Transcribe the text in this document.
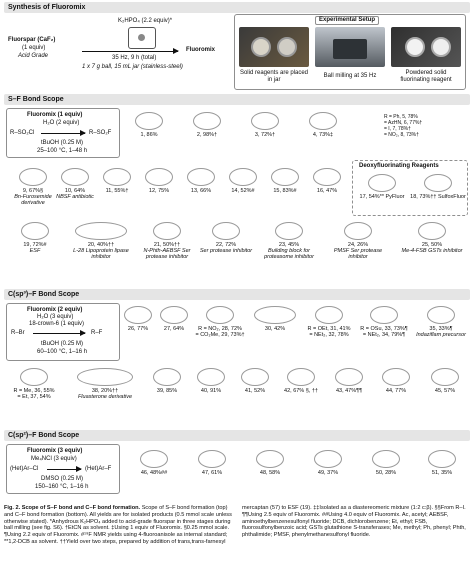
Synthesis of Fluoromix
K₂HPO₄ (2.2 equiv)*
Fluorspar (CaF₂)
(1 equiv)
Acid Grade
Fluoromix
35 Hz, 9 h (total)
1 x 7 g ball, 15 mL jar (stainless-steel)
Experimental Setup
Solid reagents are placed in jar
Ball milling at 35 Hz	Powdered solid fluorinating reagent
S–F Bond Scope
Fluoromix (1 equiv)
H₂O (2 equiv)
R–SO₂Cl	R–SO₂F
tBuOH (0.25 M)
25–100 °C, 1–48 h
1, 86%	2, 98%†	3, 72%†	4, 73%‡
R = Ph, 5, 78%
= AzHN, 6, 77%†
= I, 7, 78%†
= NO₂, 8, 73%†
9, 67%§
Bn-Furosemide derivative
10, 64%
NBSF antibiotic
11, 55%†	12, 75%	13, 66%	14, 52%#	15, 83%#	16, 47%
Deoxyfluorinating Reagents
17, 54%** PyFluor	18, 73%†† SulfoxFluor
19, 72%#
ESF
20, 40%††
L-28 Lipoprotein lipase inhibitor
21, 50%††
N-Phth-AEBSF Ser protease inhibitor
22, 72%
Ser protease inhibitor
23, 45%
Building block for proteasome inhibitor
24, 26%
PMSF Ser protease inhibitor
25, 50%
Me-4-FSB GSTs inhibitor
C(sp³)–F Bond Scope
Fluoromix (2 equiv)
H₂O (3 equiv)
18-crown-6 (1 equiv)
R–Br	R–F
tBuOH (0.25 M)
60–100 °C, 1–16 h
26, 77%	27, 64%	R = NO₂, 28, 72%
= CO₂Me, 29, 73%†
30, 42%	R = OEt, 31, 41%
= NEt₂, 32, 78%
R = OSu, 33, 73%¶
= NEt₂, 34, 79%¶
35, 33%¶
Indaziflam precursor
R = Me, 36, 55%
= Et, 37, 54%
38, 20%††
Fluasterone derivative
39, 85%	40, 91%	41, 52%	42, 67% §, ††	43, 47%¶¶	44, 77%	45, 57%
C(sp²)–F Bond Scope
Fluoromix (3 equiv)
Me₄NCl (3 equiv)
(Het)Ar–Cl	(Het)Ar–F
DMSO (0.25 M)
150–160 °C, 1–16 h
46, 48%##	47, 61%	48, 58%	49, 37%	50, 28%	51, 35%
Fig. 2. Scope of S–F bond and C–F bond formation. Scope of S–F bond formation (top) and C–F bond formation (bottom). All yields are for isolated products (0.5 mmol scale unless otherwise stated). *Anhydrous K₂HPO₄ added to acid-grade fluorspar in three stages during ball milling (see fig. S6). †EtCN as solvent. ‡Using 1 equiv of Fluoromix. §0.25 mmol scale. ¶Using 2.2 equiv of Fluoromix. #¹⁹F NMR yields using 4-fluoroanisole as internal standard; **1,2-DCB as solvent. ††Yield over two steps, prepared by addition of trans,trans-farnesyl mercaptan (57) to ESF (19). ‡‡Isolated as a diastereomeric mixture (1:2 c:β). §§From R–I. ¶¶Using 2.5 equiv of Fluoromix. ##Using 4.0 equiv of Fluoromix. Ac, acetyl; AEBSF, aminoethylbenzenesulfonyl fluoride; DCB, dichlorobenzene; Et, ethyl; FSB, fluorosulfonylbenzoic acid; GSTs glutathione S-transferases; Me, methyl; Ph, phenyl; Phth, phthalimide; PMSF, phenylmethanesulfonyl fluoride.
